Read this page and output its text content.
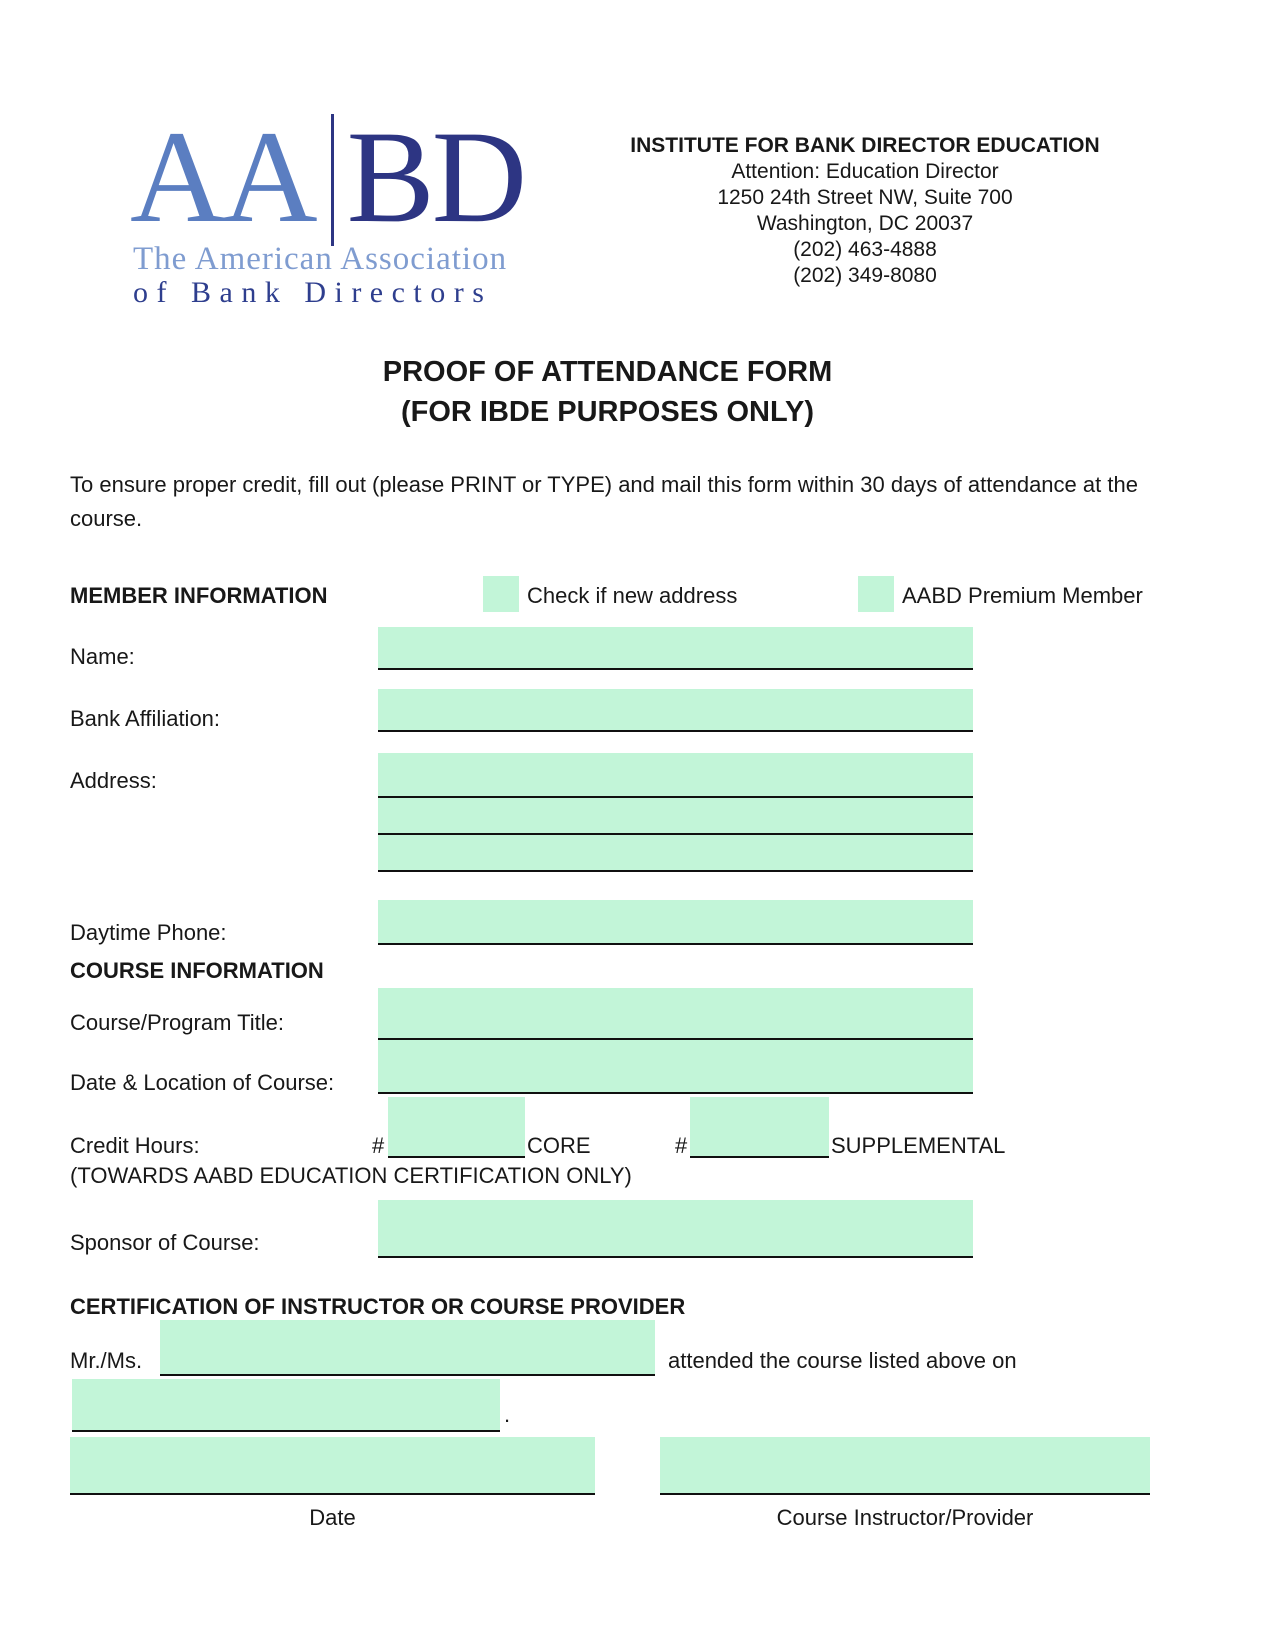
AA BD
The American Association
of Bank Directors
INSTITUTE FOR BANK DIRECTOR EDUCATION
Attention: Education Director
1250 24th Street NW, Suite 700
Washington, DC 20037
(202) 463-4888
(202) 349-8080
PROOF OF ATTENDANCE FORM
(FOR IBDE PURPOSES ONLY)
To ensure proper credit, fill out (please PRINT or TYPE) and mail this form within 30 days of attendance at the course.
MEMBER INFORMATION	Check if new address	AABD Premium Member
Name:
Bank Affiliation:
Address:
Daytime Phone:
COURSE INFORMATION
Course/Program Title:
Date & Location of Course:
Credit Hours:	#	CORE	#	SUPPLEMENTAL
(TOWARDS AABD EDUCATION CERTIFICATION ONLY)
Sponsor of Course:
CERTIFICATION OF INSTRUCTOR OR COURSE PROVIDER
Mr./Ms.	attended the course listed above on
.
Date	Course Instructor/Provider
